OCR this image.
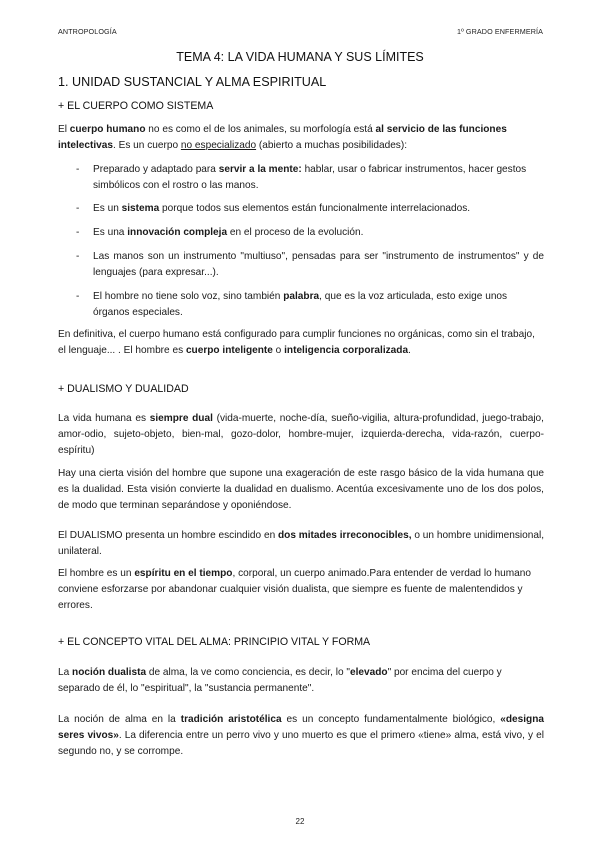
ANTROPOLOGÍA	1º GRADO ENFERMERÍA
TEMA 4: LA VIDA HUMANA Y SUS LÍMITES
1. UNIDAD SUSTANCIAL Y ALMA ESPIRITUAL
+ EL CUERPO COMO SISTEMA
El cuerpo humano no es como el de los animales, su morfología está al servicio de las funciones intelectivas. Es un cuerpo no especializado (abierto a muchas posibilidades):
- Preparado y adaptado para servir a la mente: hablar, usar o fabricar instrumentos, hacer gestos simbólicos con el rostro o las manos.
- Es un sistema porque todos sus elementos están funcionalmente interrelacionados.
- Es una innovación compleja en el proceso de la evolución.
- Las manos son un instrumento "multiuso", pensadas para ser "instrumento de instrumentos" y de lenguajes (para expresar...).
- El hombre no tiene solo voz, sino también palabra, que es la voz articulada, esto exige unos órganos especiales.
En definitiva, el cuerpo humano está configurado para cumplir funciones no orgánicas, como sin el trabajo, el lenguaje... . El hombre es cuerpo inteligente o inteligencia corporalizada.
+ DUALISMO Y DUALIDAD
La vida humana es siempre dual (vida-muerte, noche-día, sueño-vigilia, altura-profundidad, juego-trabajo, amor-odio, sujeto-objeto, bien-mal, gozo-dolor, hombre-mujer, izquierda-derecha, vida-razón, cuerpo-espíritu)
Hay una cierta visión del hombre que supone una exageración de este rasgo básico de la vida humana que es la dualidad. Esta visión convierte la dualidad en dualismo. Acentúa excesivamente uno de los dos polos, de modo que terminan separándose y oponiéndose.
El DUALISMO presenta un hombre escindido en dos mitades irreconocibles, o un hombre unidimensional, unilateral.
El hombre es un espíritu en el tiempo, corporal, un cuerpo animado.Para entender de verdad lo humano conviene esforzarse por abandonar cualquier visión dualista, que siempre es fuente de malentendidos y errores.
+ EL CONCEPTO VITAL DEL ALMA: PRINCIPIO VITAL Y FORMA
La noción dualista de alma, la ve como conciencia, es decir, lo "elevado" por encima del cuerpo y separado de él, lo "espiritual", la "sustancia permanente".
La noción de alma en la tradición aristotélica es un concepto fundamentalmente biológico, «designa seres vivos». La diferencia entre un perro vivo y uno muerto es que el primero «tiene» alma, está vivo, y el segundo no, y se corrompe.
22
